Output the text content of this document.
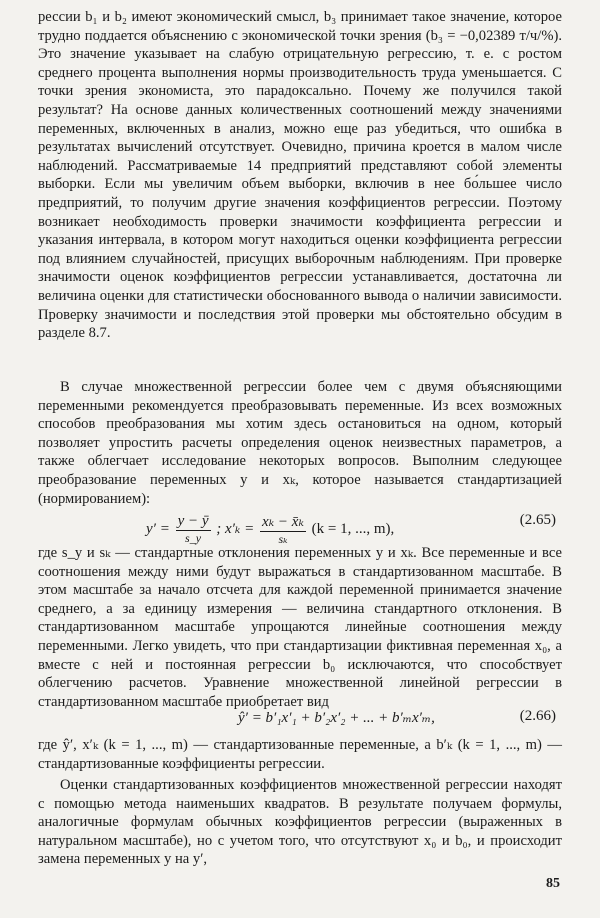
рессии b₁ и b₂ имеют экономический смысл, b₃ принимает такое значение, которое трудно поддается объяснению с экономической точки зрения (b₃ = −0,02389 т/ч/%). Это значение указывает на слабую отрицательную регрессию, т. е. с ростом среднего процента выполнения нормы производительность труда уменьшается. С точки зрения экономиста, это парадоксально. Почему же получился такой результат? На основе данных количественных соотношений между значениями переменных, включенных в анализ, можно еще раз убедиться, что ошибка в результатах вычислений отсутствует. Очевидно, причина кроется в малом числе наблюдений. Рассматриваемые 14 предприятий представляют собой элементы выборки. Если мы увеличим объем выборки, включив в нее бо́льшее число предприятий, то получим другие значения коэффициентов регрессии. Поэтому возникает необходимость проверки значимости коэффициента регрессии и указания интервала, в котором могут находиться оценки коэффициента регрессии под влиянием случайностей, присущих выборочным наблюдениям. При проверке значимости оценок коэффициентов регрессии устанавливается, достаточна ли величина оценки для статистически обоснованного вывода о наличии зависимости. Проверку значимости и последствия этой проверки мы обстоятельно обсудим в разделе 8.7.

В случае множественной регрессии более чем с двумя объясняющими переменными рекомендуется преобразовывать переменные. Из всех возможных способов преобразования мы хотим здесь остановиться на одном, который позволяет упростить расчеты определения оценок неизвестных параметров, а также облегчает исследование некоторых вопросов. Выполним следующее преобразование переменных y и xₖ, которое называется стандартизацией (нормированием):

$y' = \frac{y - ȳ}{s\_y}$ ; $x'_k = \frac{\text{xₖ − x̄ₖ}}{\text{sₖ}} (k = 1$, ..., m),
(2.65)

где s_y и sₖ — стандартные отклонения переменных y и xₖ. Все переменные и все соотношения между ними будут выражаться в стандартизованном масштабе. В этом масштабе за начало отсчета для каждой переменной принимается значение среднего, а за единицу измерения — величина стандартного отклонения. В стандартизованном масштабе упрощаются линейные соотношения между переменными. Легко увидеть, что при стандартизации фиктивная переменная x₀, а вместе с ней и постоянная регрессии b₀ исключаются, что способствует облегчению расчетов. Уравнение множественной линейной регрессии в стандартизованном масштабе приобретает вид

ŷ′ = b′₁x′₁ + b′₂x′₂ + ... + b′ₘx′ₘ,	(2.66)

где ŷ′, x′ₖ (k = 1, ..., m) — стандартизованные переменные, а b′ₖ (k = 1, ..., m) — стандартизованные коэффициенты регрессии.

Оценки стандартизованных коэффициентов множественной регрессии находят с помощью метода наименьших квадратов. В результате получаем формулы, аналогичные формулам обычных коэффициентов регрессии (выраженных в натуральном масштабе), но с учетом того, что отсутствуют x₀ и b₀, и происходит замена переменных y на y′,

85
